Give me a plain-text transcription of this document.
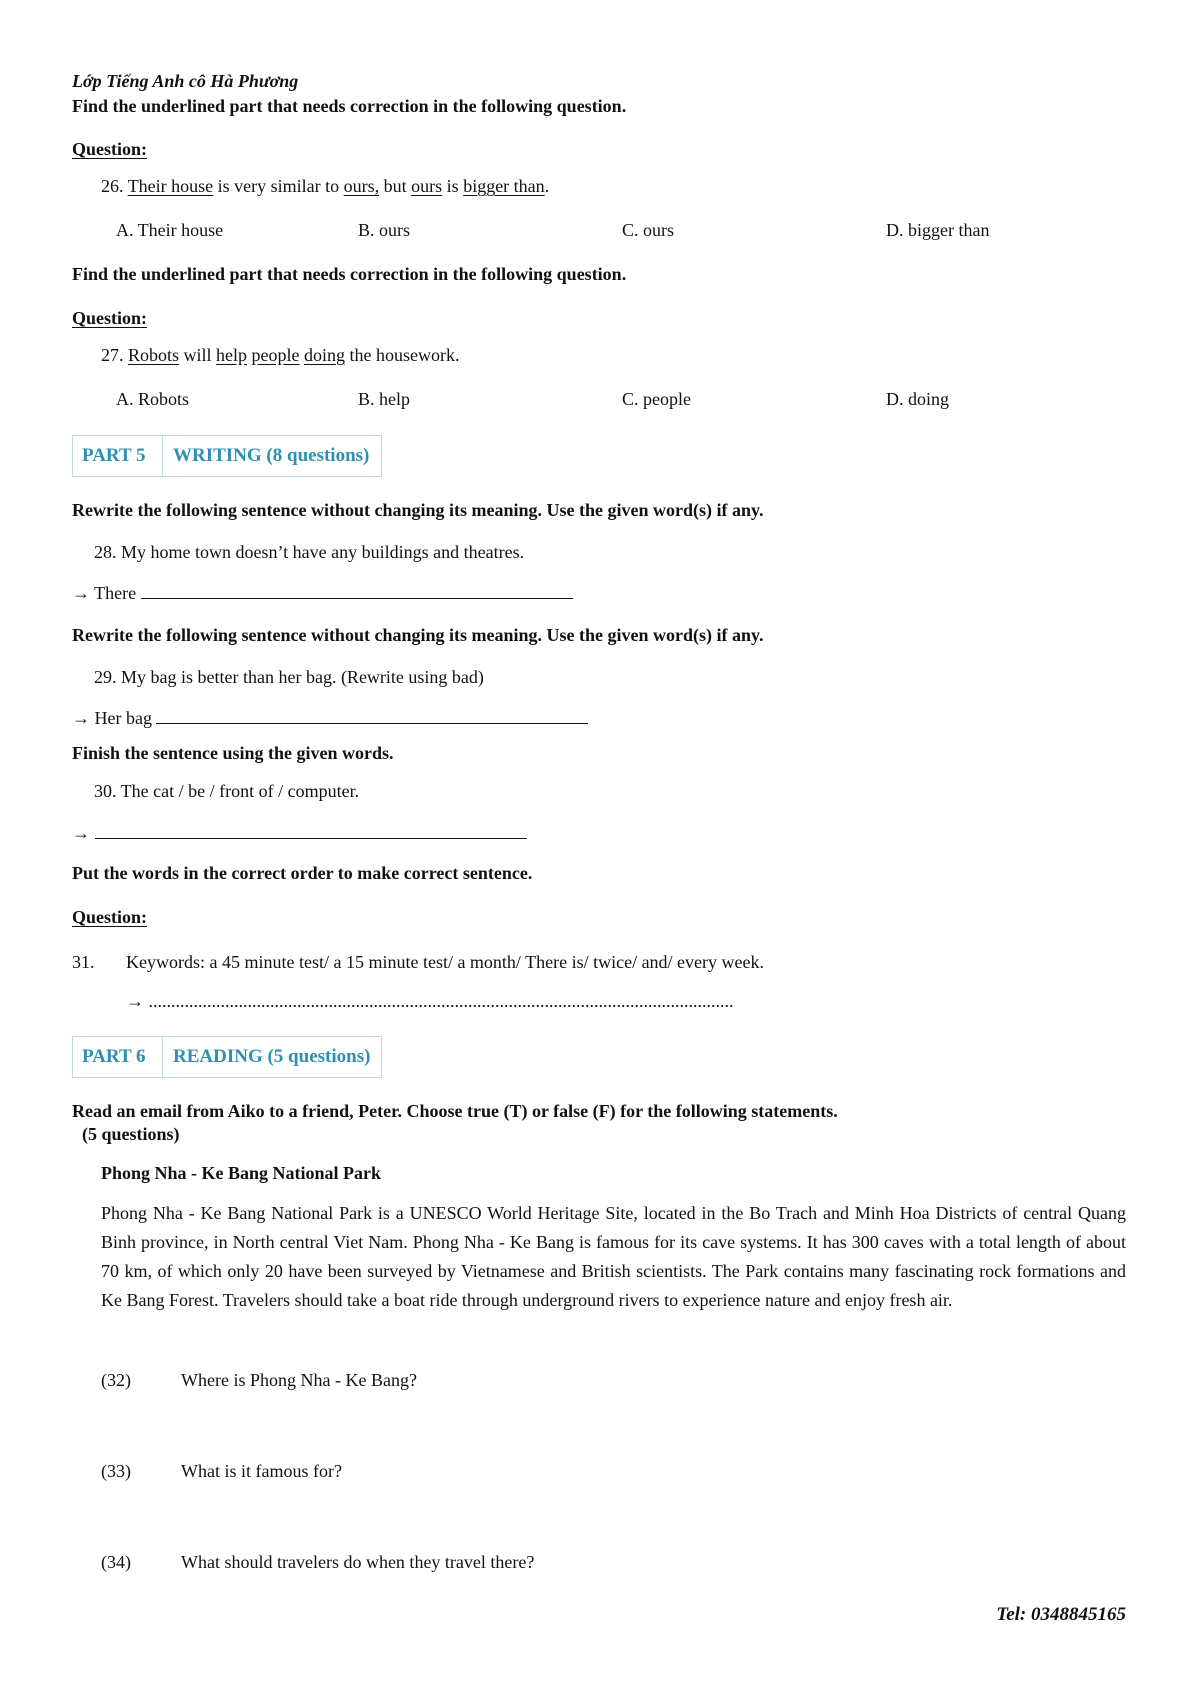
Lớp Tiếng Anh cô Hà Phương
Find the underlined part that needs correction in the following question.
Question:
26. Their house is very similar to ours, but ours is bigger than.
A. Their house	B. ours	C. ours	D. bigger than
Find the underlined part that needs correction in the following question.
Question:
27. Robots will help people doing the housework.
A. Robots	B. help	C. people	D. doing
PART 5 WRITING (8 questions)
Rewrite the following sentence without changing its meaning. Use the given word(s) if any.
28. My home town doesn’t have any buildings and theatres.
→ There
Rewrite the following sentence without changing its meaning. Use the given word(s) if any.
29. My bag is better than her bag. (Rewrite using bad)
→ Her bag
Finish the sentence using the given words.
30. The cat / be / front of / computer.
→
Put the words in the correct order to make correct sentence.
Question:
31. Keywords: a 45 minute test/ a 15 minute test/ a month/ There is/ twice/ and/ every week.
→ ..................................................................................................................................
PART 6 READING (5 questions)
Read an email from Aiko to a friend, Peter. Choose true (T) or false (F) for the following statements.
(5 questions)
Phong Nha - Ke Bang National Park
Phong Nha - Ke Bang National Park is a UNESCO World Heritage Site, located in the Bo Trach and Minh Hoa Districts of central Quang Binh province, in North central Viet Nam. Phong Nha - Ke Bang is famous for its cave systems. It has 300 caves with a total length of about 70 km, of which only 20 have been surveyed by Vietnamese and British scientists. The Park contains many fascinating rock formations and Ke Bang Forest. Travelers should take a boat ride through underground rivers to experience nature and enjoy fresh air.
(32)	Where is Phong Nha - Ke Bang?
(33)	What is it famous for?
(34)	What should travelers do when they travel there?
Tel: 0348845165
